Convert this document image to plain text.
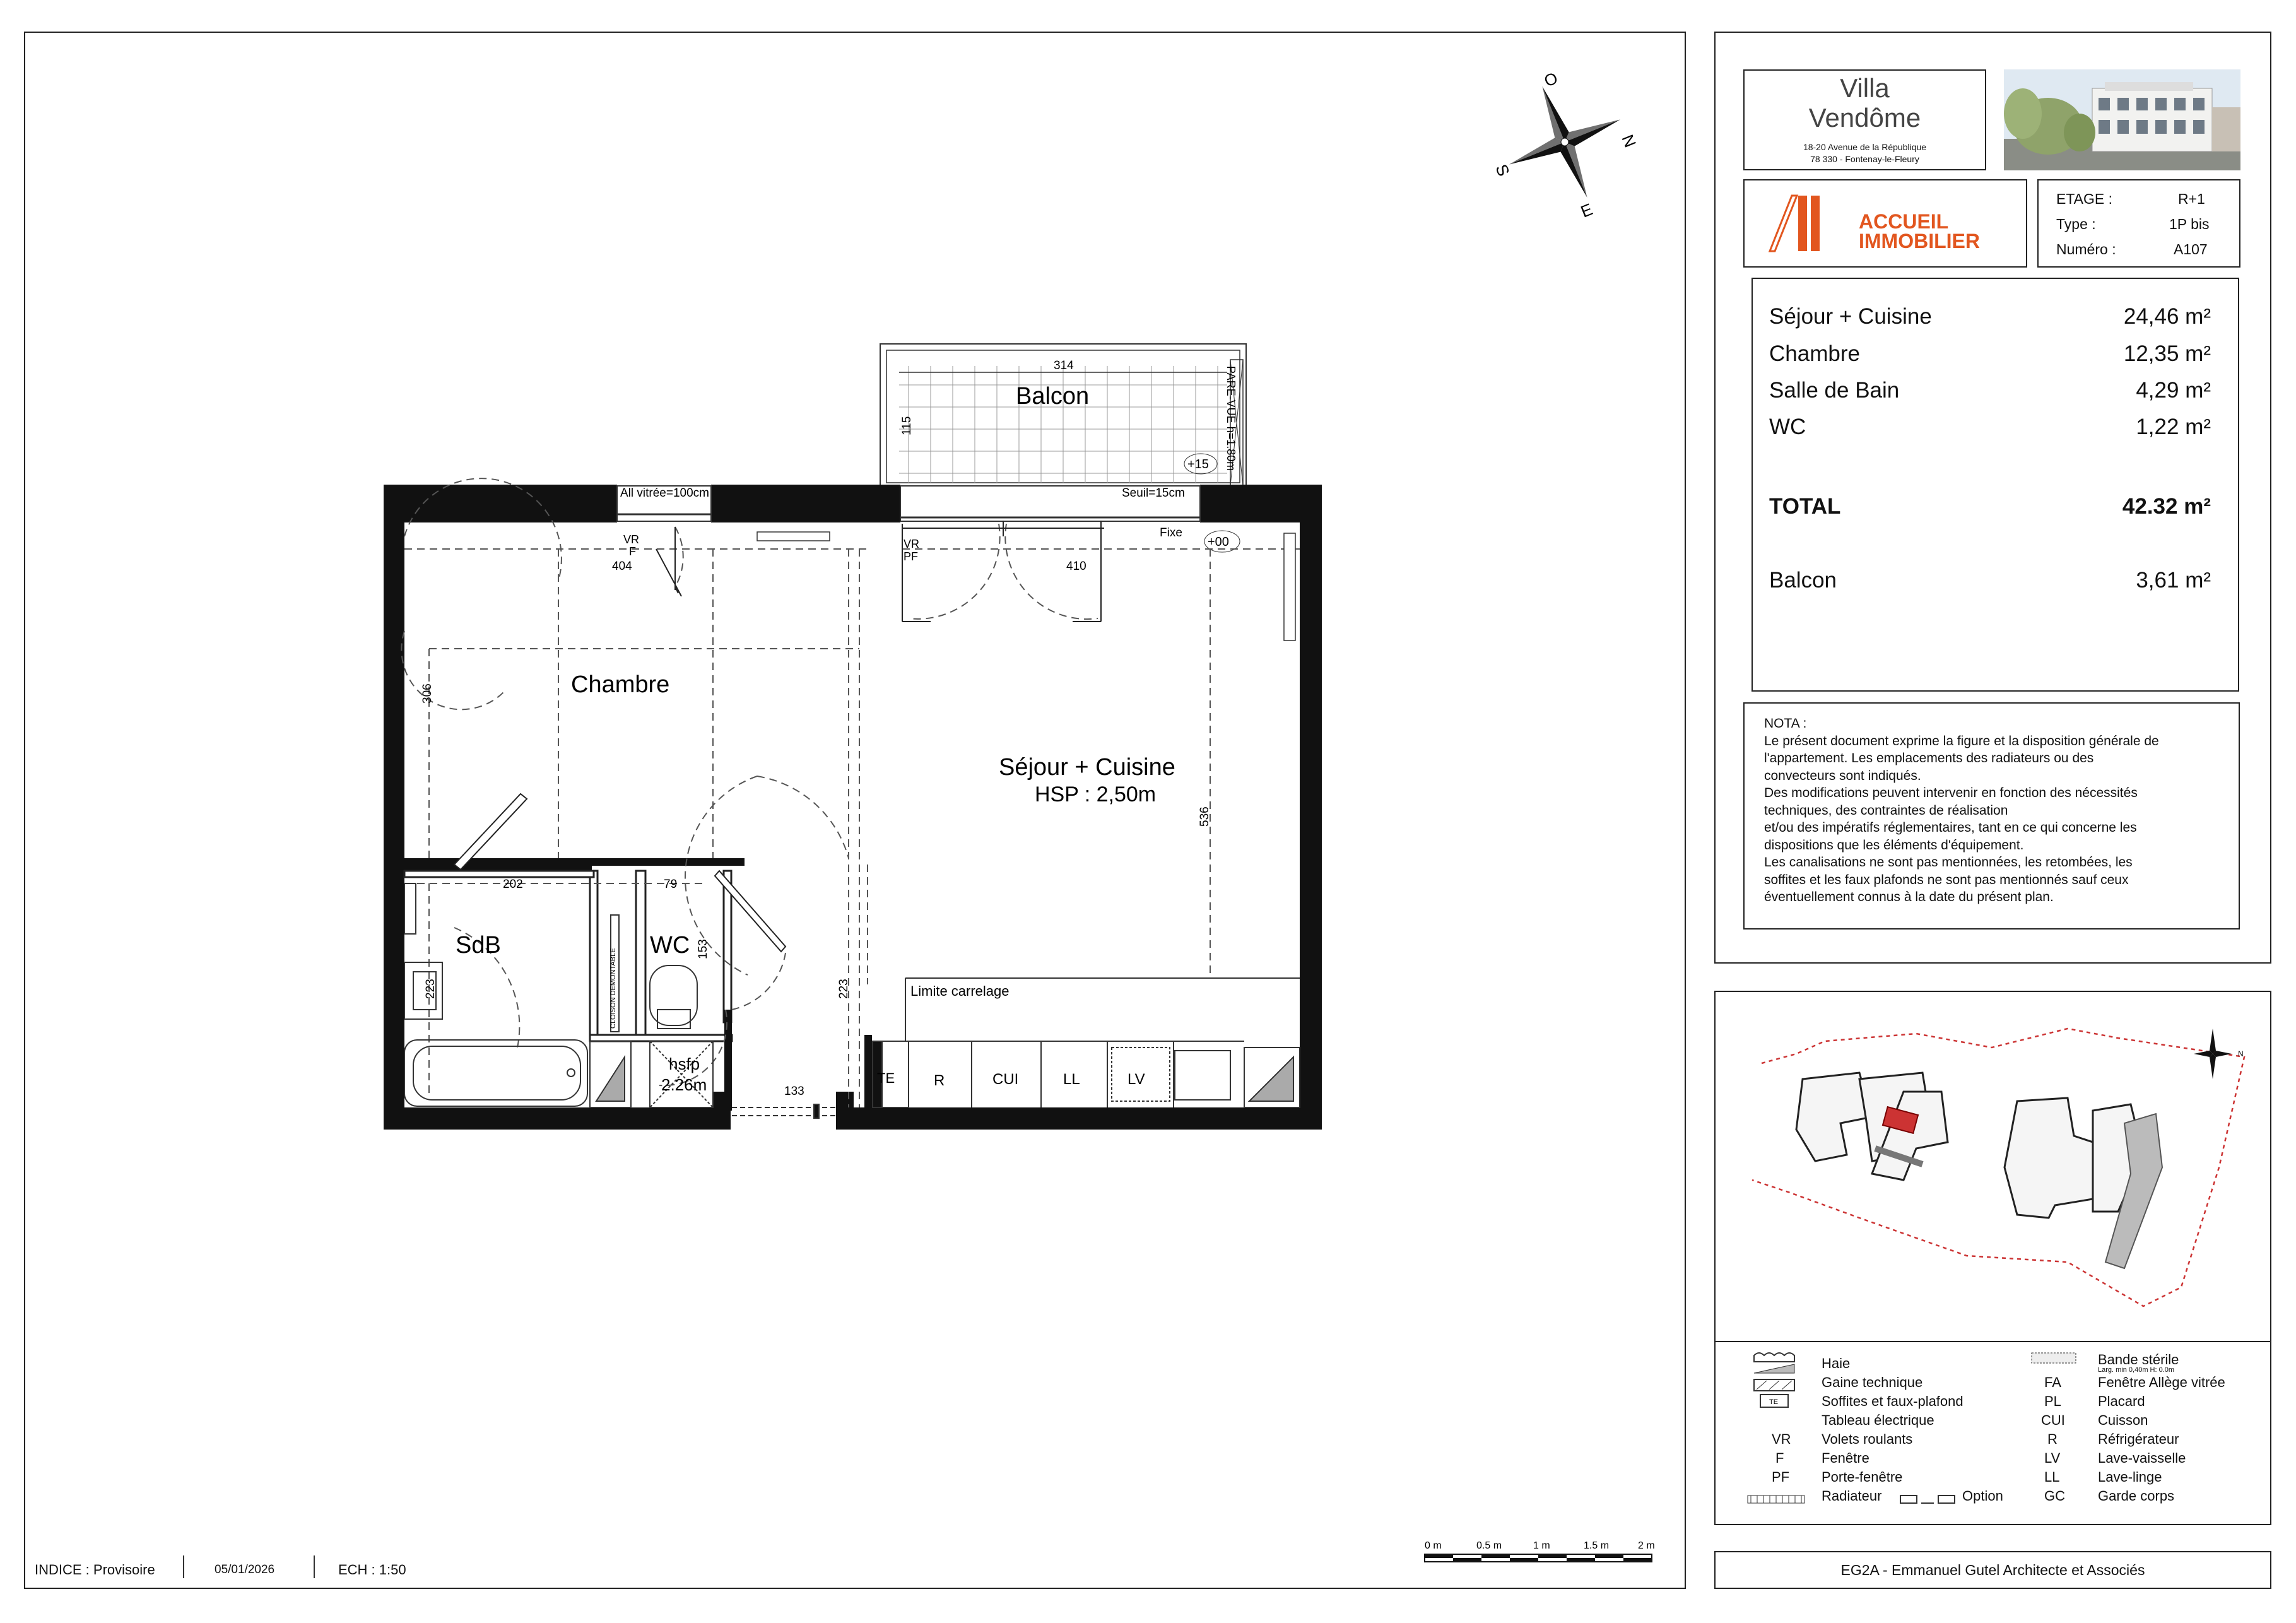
Villa
Vendôme
18-20 Avenue de la République
78 330 - Fontenay-le-Fleury
ACCUEIL
IMMOBILIER
ETAGE :	R+1
Type :	1P bis
Numéro :	A107
Séjour + Cuisine	24,46 m²
Chambre	12,35 m²
Salle de Bain	4,29 m²
WC	1,22 m²
TOTAL	42.32 m²
Balcon	3,61 m²
NOTA :
Le présent document exprime la figure et la disposition générale de
l'appartement. Les emplacements des radiateurs ou des
convecteurs sont indiqués.
Des modifications peuvent intervenir en fonction des nécessités
techniques, des contraintes de réalisation
et/ou des impératifs réglementaires, tant en ce qui concerne les
dispositions que les éléments d'équipement.
Les canalisations ne sont pas mentionnées, les retombées, les
soffites et les faux plafonds ne sont pas mentionnés sauf ceux
éventuellement connus à la date du présent plan.
N
TE
Haie
Gaine technique
Soffites et faux-plafond
Tableau électrique
VR Volets roulants
F	Fenêtre
PF Porte-fenêtre
Radiateur	Option
Bande stérile
Larg. min 0,40m H: 0.0m
FA	Fenêtre Allège vitrée
PL	Placard
CUI Cuisson
R	Réfrigérateur
LV	Lave-vaisselle
LL	Lave-linge
GC Garde corps
EG2A - Emmanuel Gutel Architecte et Associés
INDICE : Provisoire	05/01/2026	ECH : 1:50
0 m	0.5 m	1 m	1.5 m	2 m
O
N
E
S
Balcon
314
115	PARE-VUE h=1.80m
+15
All vitrée=100cm	Seuil=15cm
Fixe
+00
SdB	WC
hsfp
2.26m
CLOISON DEMONTABLE
Chambre
Séjour + Cuisine
HSP : 2,50m
Limite carrelage
VR
F
VR
PF
TE	R	CUI	LL	LV
404	410
306
536
202	79
153
223	223
133
